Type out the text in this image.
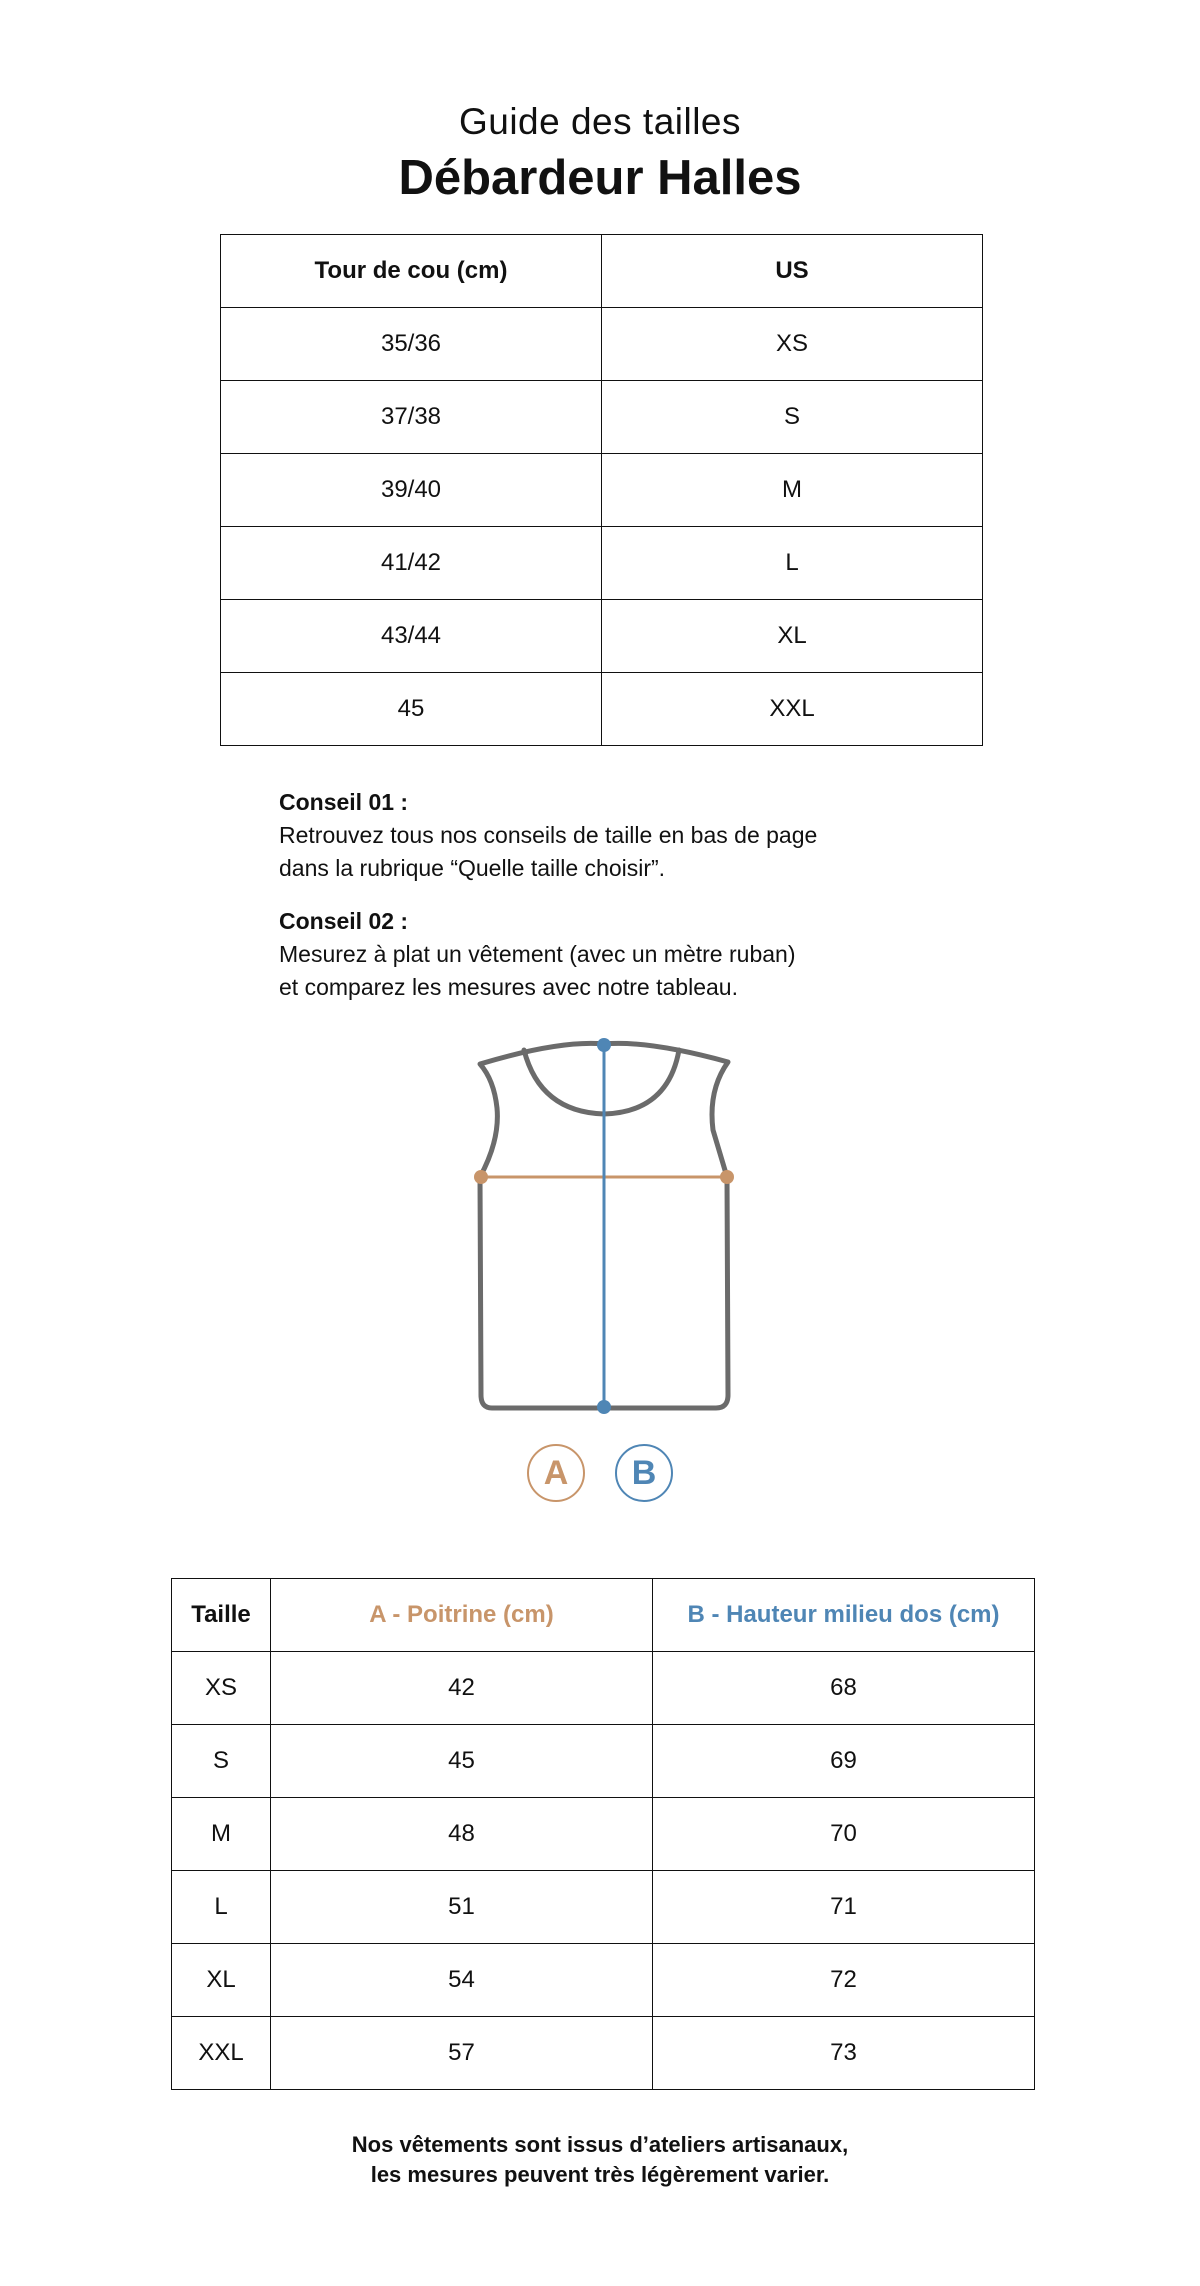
Guide des tailles
Débardeur Halles
Tour de cou (cm)	US
35/36	XS
37/38	S
39/40	M
41/42	L
43/44	XL
45	XXL
Conseil 01 :
Retrouvez tous nos conseils de taille en bas de page
dans la rubrique “Quelle taille choisir”.
Conseil 02 :
Mesurez à plat un vêtement (avec un mètre ruban)
et comparez les mesures avec notre tableau.
A	B
Taille	A - Poitrine (cm)	B - Hauteur milieu dos (cm)
XS	42	68
S	45	69
M	48	70
L	51	71
XL	54	72
XXL	57	73
Nos vêtements sont issus d’ateliers artisanaux,
les mesures peuvent très légèrement varier.
